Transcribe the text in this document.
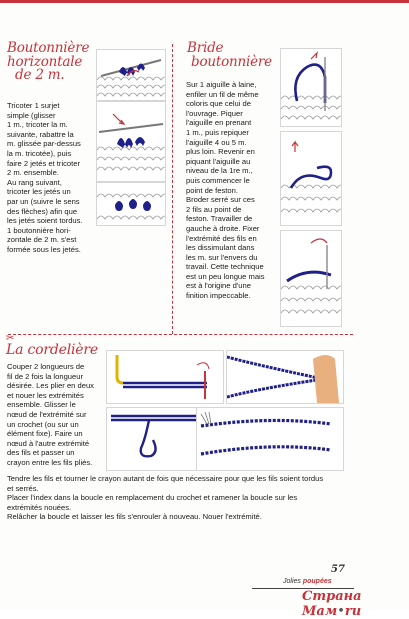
Boutonnière
horizontale
de 2 m.

Tricoter 1 surjet

simple (glisser

1 m., tricoter la m.

suivante, rabattre la

m. glissée par-dessus

la m. tricotée), puis

faire 2 jetés et tricoter

2 m. ensemble.

Au rang suivant,

tricoter les jetés un

par un (suivre le sens

des flèches) afin que

les jetés soient tordus.

1 boutonnière hori-

zontale de 2 m. s'est

formée sous les jetés.

Bride
boutonnière

Sur 1 aiguille à laine,

enfiler un fil de même

coloris que celui de

l'ouvrage. Piquer

l'aiguille en prenant

1 m., puis repiquer

l'aiguille 4 ou 5 m.

plus loin. Revenir en

piquant l'aiguille au

niveau de la 1re m.,

puis commencer le

point de feston.

Broder serré sur ces

2 fils au point de

feston. Travailler de

gauche à droite. Fixer

l'extrémité des fils en

les dissimulant dans

les m. sur l'envers du

travail. Cette technique

est un peu longue mais

est à l'origine d'une

finition impeccable.

✂
La cordelière

Couper 2 longueurs de

fil de 2 fois la longueur

désirée. Les plier en deux

et nouer les extrémités

ensemble. Glisser le

nœud de l'extrémité sur

un crochet (ou sur un

élément fixe). Faire un

nœud à l'autre extrémité

des fils et passer un

crayon entre les fils pliés.

Tendre les fils et tourner le crayon autant de fois que nécessaire pour que les fils soient tordus

et serrés.

Placer l'index dans la boucle en remplacement du crochet et ramener la boucle sur les

extrémités nouées.

Relâcher la boucle et laisser les fils s'enrouler à nouveau. Nouer l'extrémité.

57
Jolies poupées
Страна Мам•ru
